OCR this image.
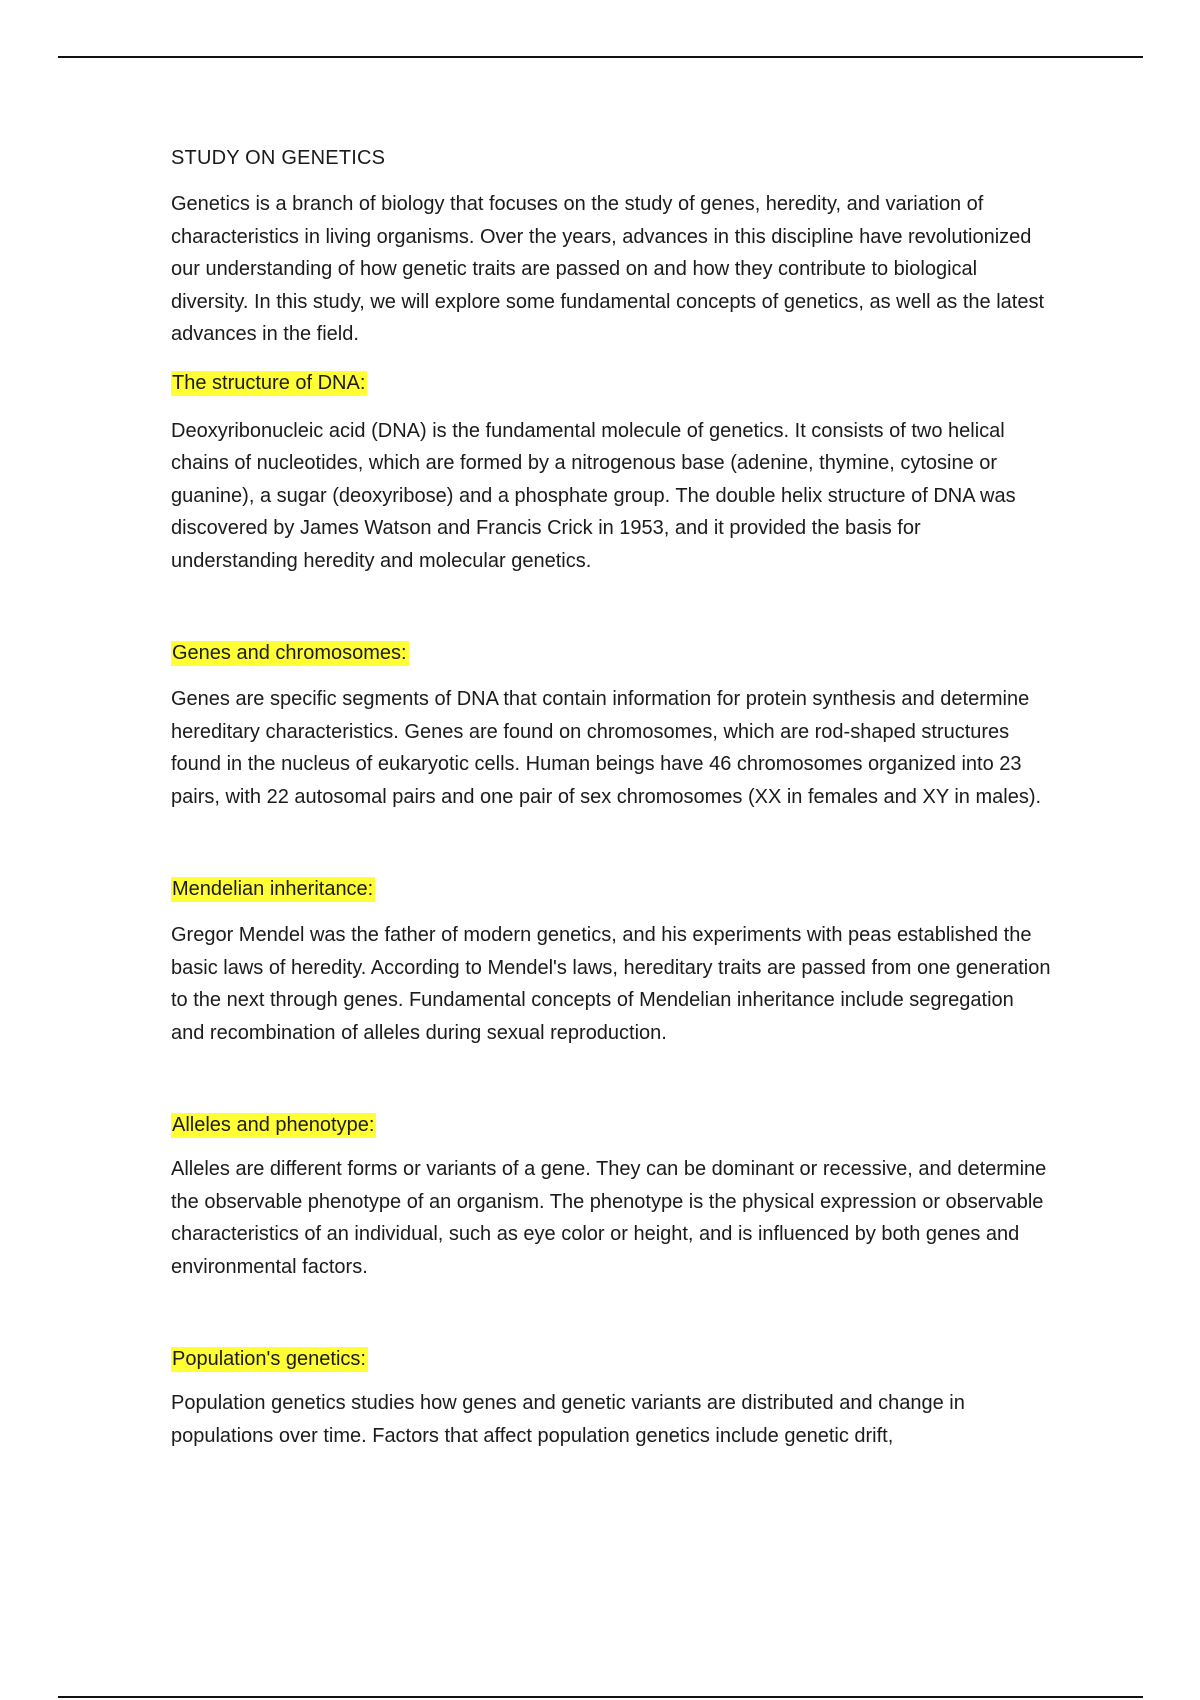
STUDY ON GENETICS

Genetics is a branch of biology that focuses on the study of genes, heredity, and variation of characteristics in living organisms. Over the years, advances in this discipline have revolutionized our understanding of how genetic traits are passed on and how they contribute to biological diversity. In this study, we will explore some fundamental concepts of genetics, as well as the latest advances in the field.

The structure of DNA:

Deoxyribonucleic acid (DNA) is the fundamental molecule of genetics. It consists of two helical chains of nucleotides, which are formed by a nitrogenous base (adenine, thymine, cytosine or guanine), a sugar (deoxyribose) and a phosphate group. The double helix structure of DNA was discovered by James Watson and Francis Crick in 1953, and it provided the basis for understanding heredity and molecular genetics.

Genes and chromosomes:

Genes are specific segments of DNA that contain information for protein synthesis and determine hereditary characteristics. Genes are found on chromosomes, which are rod-shaped structures found in the nucleus of eukaryotic cells. Human beings have 46 chromosomes organized into 23 pairs, with 22 autosomal pairs and one pair of sex chromosomes (XX in females and XY in males).

Mendelian inheritance:

Gregor Mendel was the father of modern genetics, and his experiments with peas established the basic laws of heredity. According to Mendel's laws, hereditary traits are passed from one generation to the next through genes. Fundamental concepts of Mendelian inheritance include segregation and recombination of alleles during sexual reproduction.

Alleles and phenotype:

Alleles are different forms or variants of a gene. They can be dominant or recessive, and determine the observable phenotype of an organism. The phenotype is the physical expression or observable characteristics of an individual, such as eye color or height, and is influenced by both genes and environmental factors.

Population's genetics:

Population genetics studies how genes and genetic variants are distributed and change in populations over time. Factors that affect population genetics include genetic drift,
